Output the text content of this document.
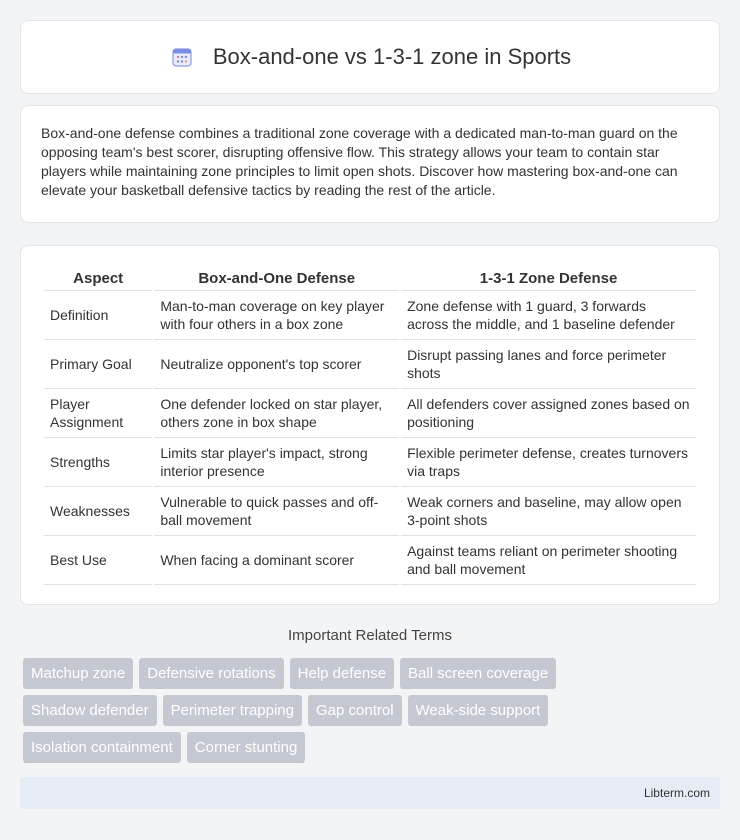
Box-and-one vs 1-3-1 zone in Sports

Box-and-one defense combines a traditional zone coverage with a dedicated man-to-man guard on the opposing team's best scorer, disrupting offensive flow. This strategy allows your team to contain star players while maintaining zone principles to limit open shots. Discover how mastering box-and-one can elevate your basketball defensive tactics by reading the rest of the article.

Aspect	Box-and-One Defense	1-3-1 Zone Defense
Definition	Man-to-man coverage on key player with four others in a box zone	Zone defense with 1 guard, 3 forwards across the middle, and 1 baseline defender
Primary Goal	Neutralize opponent's top scorer	Disrupt passing lanes and force perimeter shots
Player Assignment	One defender locked on star player, others zone in box shape	All defenders cover assigned zones based on positioning
Strengths	Limits star player's impact, strong interior presence	Flexible perimeter defense, creates turnovers via traps
Weaknesses	Vulnerable to quick passes and off-ball movement	Weak corners and baseline, may allow open 3-point shots
Best Use	When facing a dominant scorer	Against teams reliant on perimeter shooting and ball movement
Important Related Terms
Matchup zone	Defensive rotations	Help defense	Ball screen coverage
Shadow defender	Perimeter trapping	Gap control	Weak-side support
Isolation containment	Corner stunting
Libterm.com
